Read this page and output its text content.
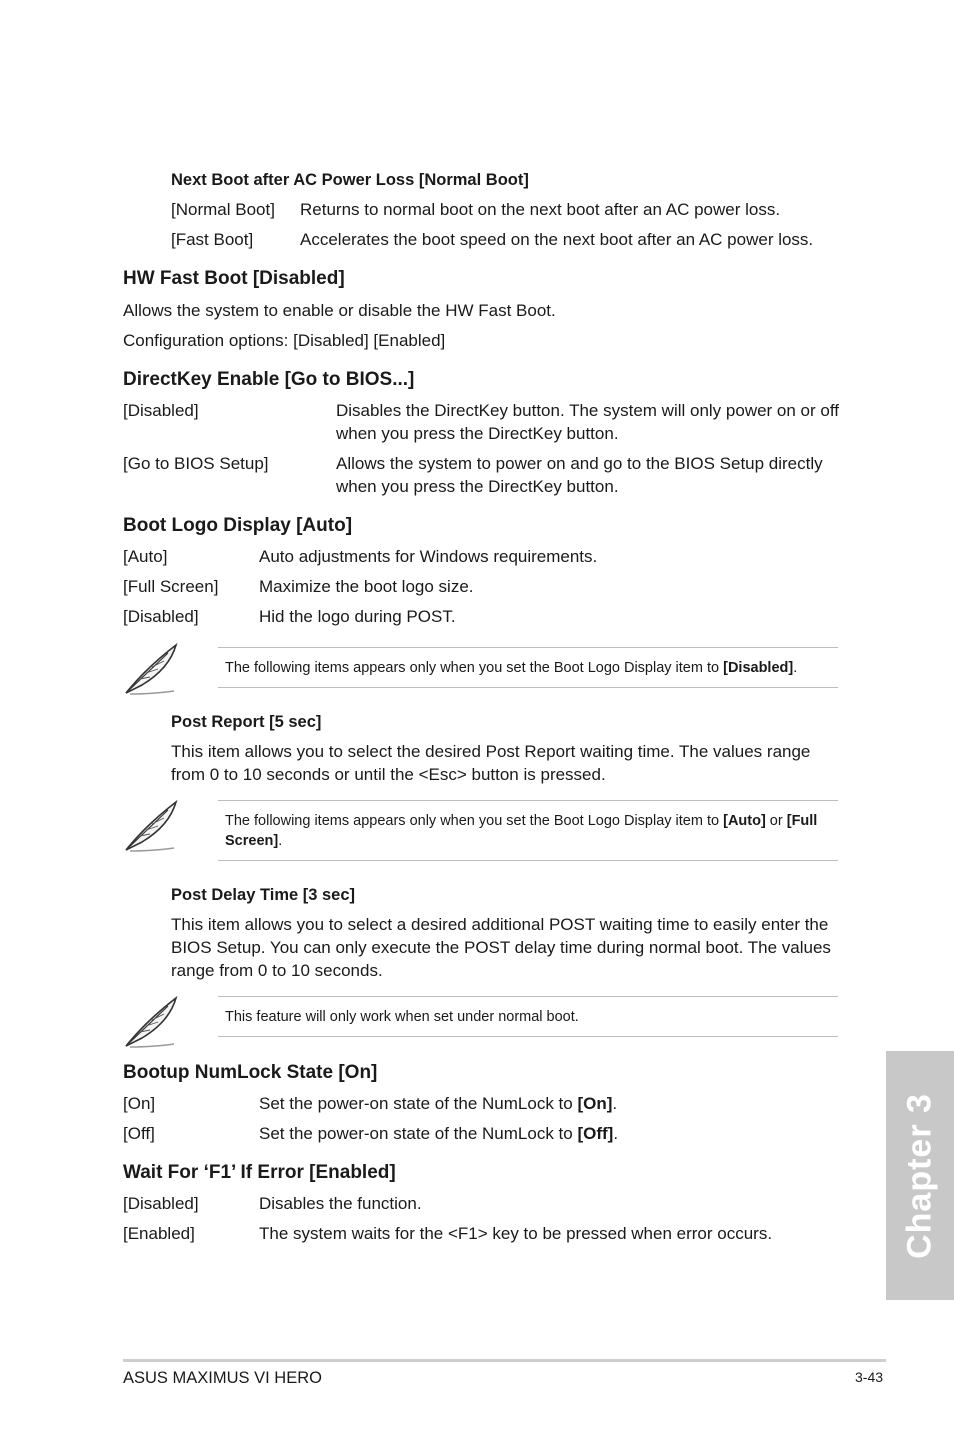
Next Boot after AC Power Loss [Normal Boot]
[Normal Boot] Returns to normal boot on the next boot after an AC power loss.
[Fast Boot]	Accelerates the boot speed on the next boot after an AC power loss.
HW Fast Boot [Disabled]
Allows the system to enable or disable the HW Fast Boot.
Configuration options: [Disabled] [Enabled]
DirectKey Enable [Go to BIOS...]
[Disabled]	Disables the DirectKey button. The system will only power on or off when you press the DirectKey button.
[Go to BIOS Setup]	Allows the system to power on and go to the BIOS Setup directly when you press the DirectKey button.
Boot Logo Display [Auto]
[Auto]	Auto adjustments for Windows requirements.
[Full Screen] Maximize the boot logo size.
[Disabled]	Hid the logo during POST.
The following items appears only when you set the Boot Logo Display item to [Disabled].
Post Report [5 sec]
This item allows you to select the desired Post Report waiting time. The values range from 0 to 10 seconds or until the <Esc> button is pressed.
The following items appears only when you set the Boot Logo Display item to [Auto] or [Full Screen].
Post Delay Time [3 sec]
This item allows you to select a desired additional POST waiting time to easily enter the BIOS Setup. You can only execute the POST delay time during normal boot. The values range from 0 to 10 seconds.
This feature will only work when set under normal boot.
Bootup NumLock State [On]
[On]	Set the power-on state of the NumLock to [On].
[Off]	Set the power-on state of the NumLock to [Off].
Wait For ‘F1’ If Error [Enabled]
[Disabled]	Disables the function.
[Enabled]	The system waits for the <F1> key to be pressed when error occurs.	Chapter 3
ASUS MAXIMUS VI HERO	3-43
